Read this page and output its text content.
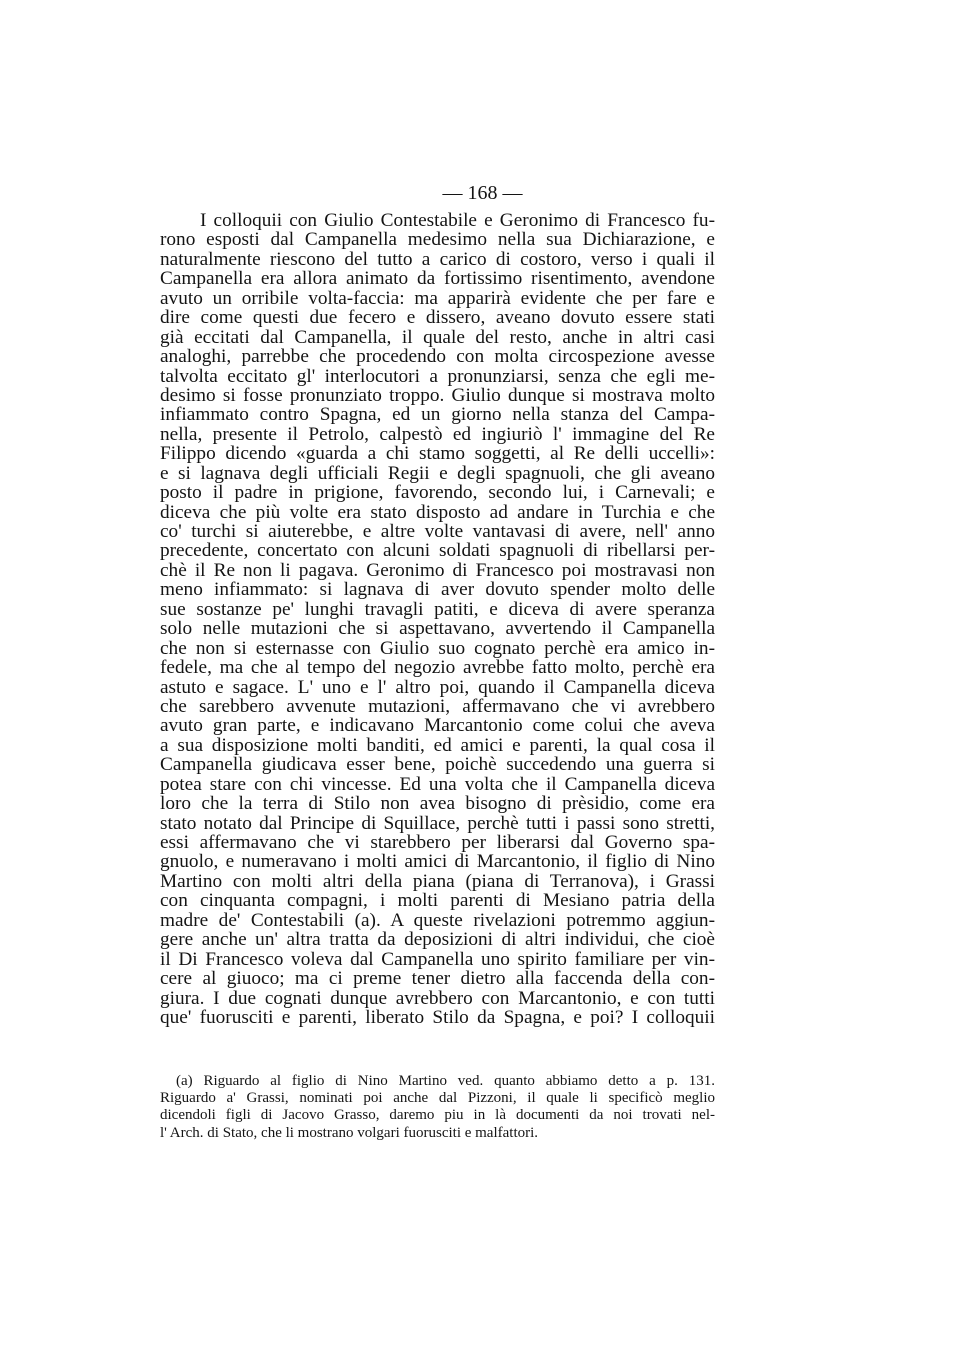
— 168 —
I colloquii con Giulio Contestabile e Geronimo di Francesco fu-
rono esposti dal Campanella medesimo nella sua Dichiarazione, e
naturalmente riescono del tutto a carico di costoro, verso i quali il
Campanella era allora animato da fortissimo risentimento, avendone
avuto un orribile volta-faccia: ma apparirà evidente che per fare e
dire come questi due fecero e dissero, aveano dovuto essere stati
già eccitati dal Campanella, il quale del resto, anche in altri casi
analoghi, parrebbe che procedendo con molta circospezione avesse
talvolta eccitato gl' interlocutori a pronunziarsi, senza che egli me-
desimo si fosse pronunziato troppo. Giulio dunque si mostrava molto
infiammato contro Spagna, ed un giorno nella stanza del Campa-
nella, presente il Petrolo, calpestò ed ingiuriò l' immagine del Re
Filippo dicendo «guarda a chi stamo soggetti, al Re delli uccelli»:
e si lagnava degli ufficiali Regii e degli spagnuoli, che gli aveano
posto il padre in prigione, favorendo, secondo lui, i Carnevali; e
diceva che più volte era stato disposto ad andare in Turchia e che
co' turchi si aiuterebbe, e altre volte vantavasi di avere, nell' anno
precedente, concertato con alcuni soldati spagnuoli di ribellarsi per-
chè il Re non li pagava. Geronimo di Francesco poi mostravasi non
meno infiammato: si lagnava di aver dovuto spender molto delle
sue sostanze pe' lunghi travagli patiti, e diceva di avere speranza
solo nelle mutazioni che si aspettavano, avvertendo il Campanella
che non si esternasse con Giulio suo cognato perchè era amico in-
fedele, ma che al tempo del negozio avrebbe fatto molto, perchè era
astuto e sagace. L' uno e l' altro poi, quando il Campanella diceva
che sarebbero avvenute mutazioni, affermavano che vi avrebbero
avuto gran parte, e indicavano Marcantonio come colui che aveva
a sua disposizione molti banditi, ed amici e parenti, la qual cosa il
Campanella giudicava esser bene, poichè succedendo una guerra si
potea stare con chi vincesse. Ed una volta che il Campanella diceva
loro che la terra di Stilo non avea bisogno di prèsidio, come era
stato notato dal Principe di Squillace, perchè tutti i passi sono stretti,
essi affermavano che vi starebbero per liberarsi dal Governo spa-
gnuolo, e numeravano i molti amici di Marcantonio, il figlio di Nino
Martino con molti altri della piana (piana di Terranova), i Grassi
con cinquanta compagni, i molti parenti di Mesiano patria della
madre de' Contestabili (a). A queste rivelazioni potremmo aggiun-
gere anche un' altra tratta da deposizioni di altri individui, che cioè
il Di Francesco voleva dal Campanella uno spirito familiare per vin-
cere al giuoco; ma ci preme tener dietro alla faccenda della con-
giura. I due cognati dunque avrebbero con Marcantonio, e con tutti
que' fuorusciti e parenti, liberato Stilo da Spagna, e poi? I colloquii
(a) Riguardo al figlio di Nino Martino ved. quanto abbiamo detto a p. 131.
Riguardo a' Grassi, nominati poi anche dal Pizzoni, il quale li specificò meglio
dicendoli figli di Jacovo Grasso, daremo piu in là documenti da noi trovati nel-
l' Arch. di Stato, che li mostrano volgari fuorusciti e malfattori.
